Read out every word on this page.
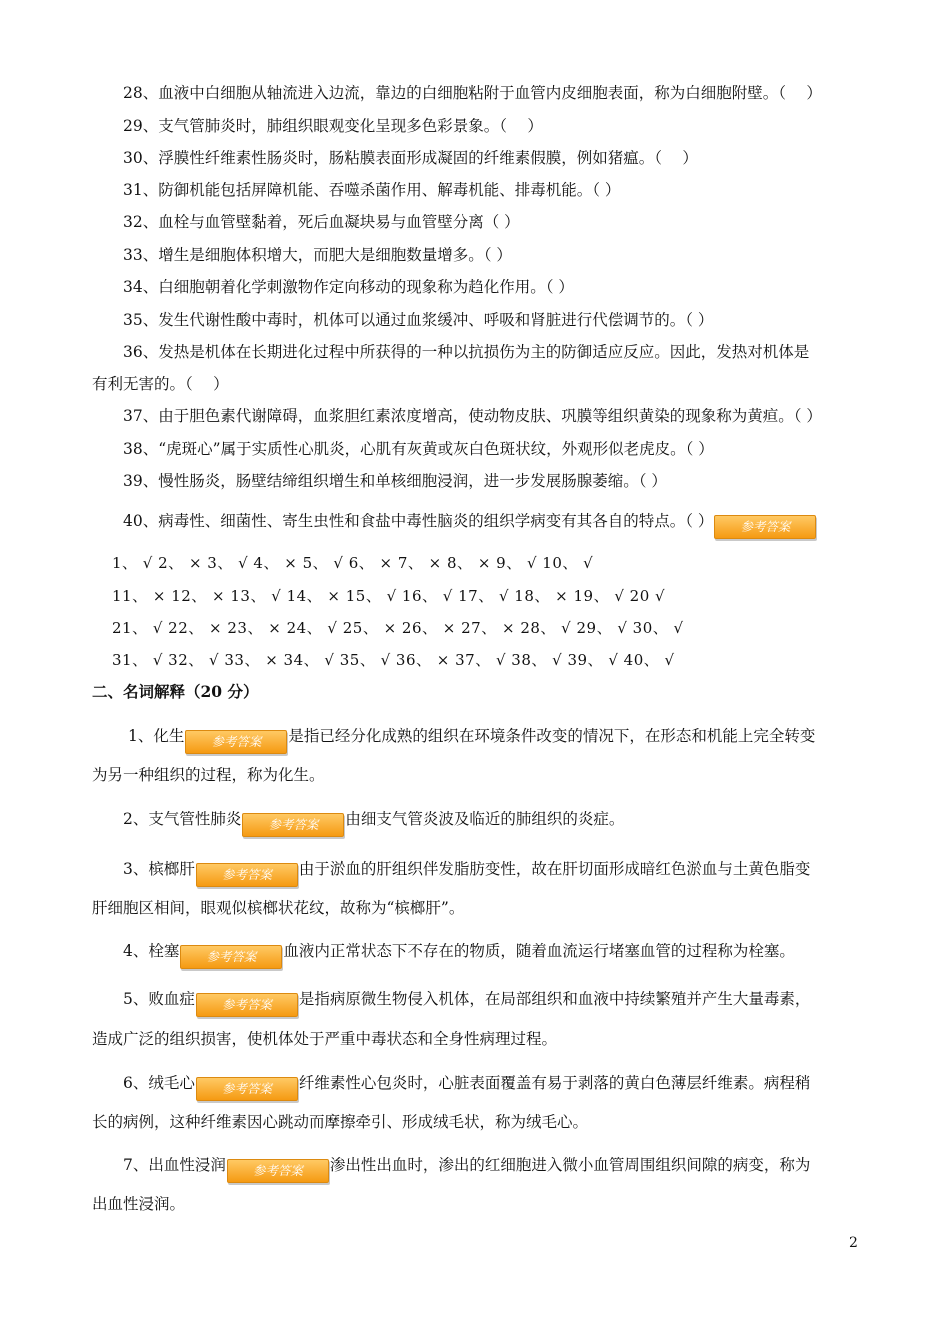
28、血液中白细胞从轴流进入边流，靠边的白细胞粘附于血管内皮细胞表面，称为白细胞附壁。（　 ）
29、支气管肺炎时，肺组织眼观变化呈现多色彩景象。（　 ）
30、浮膜性纤维素性肠炎时，肠粘膜表面形成凝固的纤维素假膜，例如猪瘟。（　 ）
31、防御机能包括屏障机能、吞噬杀菌作用、解毒机能、排毒机能。（ ）
32、血栓与血管壁黏着，死后血凝块易与血管壁分离（ ）
33、增生是细胞体积增大，而肥大是细胞数量增多。（ ）
34、白细胞朝着化学刺激物作定向移动的现象称为趋化作用。（ ）
35、发生代谢性酸中毒时，机体可以通过血浆缓冲、呼吸和肾脏进行代偿调节的。（ ）
36、发热是机体在长期进化过程中所获得的一种以抗损伤为主的防御适应反应。因此，发热对机体是
有利无害的。（　 ）
37、由于胆色素代谢障碍，血浆胆红素浓度增高，使动物皮肤、巩膜等组织黄染的现象称为黄疸。（ ）
38、“虎斑心”属于实质性心肌炎，心肌有灰黄或灰白色斑状纹，外观形似老虎皮。（ ）
39、慢性肠炎，肠壁结缔组织增生和单核细胞浸润，进一步发展肠腺萎缩。（ ）
40、病毒性、细菌性、寄生虫性和食盐中毒性脑炎的组织学病变有其各自的特点。（ ） 参考答案
1、 √ 2、 × 3、 √ 4、 × 5、 √ 6、 × 7、 × 8、 × 9、 √ 10、 √
11、 × 12、 × 13、 √ 14、 × 15、 √ 16、 √ 17、 √ 18、 × 19、 √ 20 √
21、 √ 22、 × 23、 × 24、 √ 25、 × 26、 × 27、 × 28、 √ 29、 √ 30、 √
31、 √ 32、 √ 33、 × 34、 √ 35、 √ 36、 × 37、 √ 38、 √ 39、 √ 40、 √
二、名词解释（20 分）
1、化生 参考答案 是指已经分化成熟的组织在环境条件改变的情况下，在形态和机能上完全转变
为另一种组织的过程，称为化生。
2、支气管性肺炎 参考答案 由细支气管炎波及临近的肺组织的炎症。
3、槟榔肝 参考答案 由于淤血的肝组织伴发脂肪变性，故在肝切面形成暗红色淤血与土黄色脂变
肝细胞区相间，眼观似槟榔状花纹，故称为“槟榔肝”。
4、栓塞 参考答案 血液内正常状态下不存在的物质，随着血流运行堵塞血管的过程称为栓塞。
5、败血症 参考答案 是指病原微生物侵入机体，在局部组织和血液中持续繁殖并产生大量毒素，
造成广泛的组织损害，使机体处于严重中毒状态和全身性病理过程。
6、绒毛心 参考答案 纤维素性心包炎时，心脏表面覆盖有易于剥落的黄白色薄层纤维素。病程稍
长的病例，这种纤维素因心跳动而摩擦牵引、形成绒毛状，称为绒毛心。
7、出血性浸润 参考答案 渗出性出血时，渗出的红细胞进入微小血管周围组织间隙的病变，称为
出血性浸润。
2
